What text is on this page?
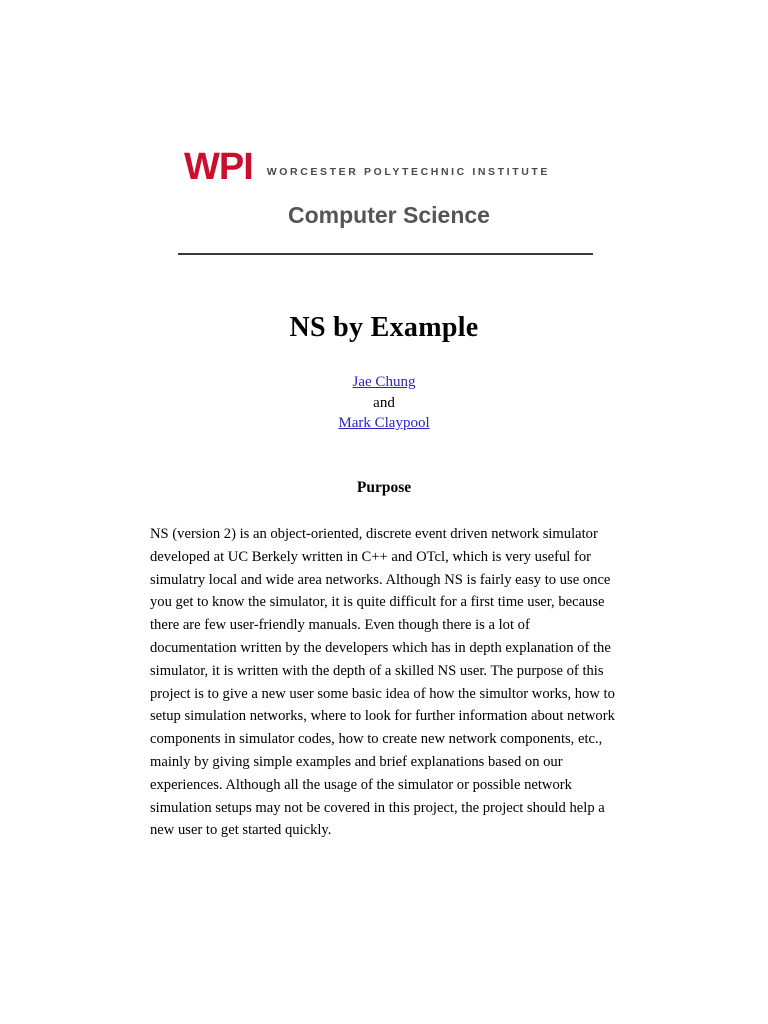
WPI WORCESTER POLYTECHNIC INSTITUTE
Computer Science
NS by Example
Jae Chung
and
Mark Claypool
Purpose
NS (version 2) is an object-oriented, discrete event driven network simulator developed at UC Berkely written in C++ and OTcl, which is very useful for simulatry local and wide area networks. Although NS is fairly easy to use once you get to know the simulator, it is quite difficult for a first time user, because there are few user-friendly manuals. Even though there is a lot of documentation written by the developers which has in depth explanation of the simulator, it is written with the depth of a skilled NS user. The purpose of this project is to give a new user some basic idea of how the simultor works, how to setup simulation networks, where to look for further information about network components in simulator codes, how to create new network components, etc., mainly by giving simple examples and brief explanations based on our experiences. Although all the usage of the simulator or possible network simulation setups may not be covered in this project, the project should help a new user to get started quickly.
